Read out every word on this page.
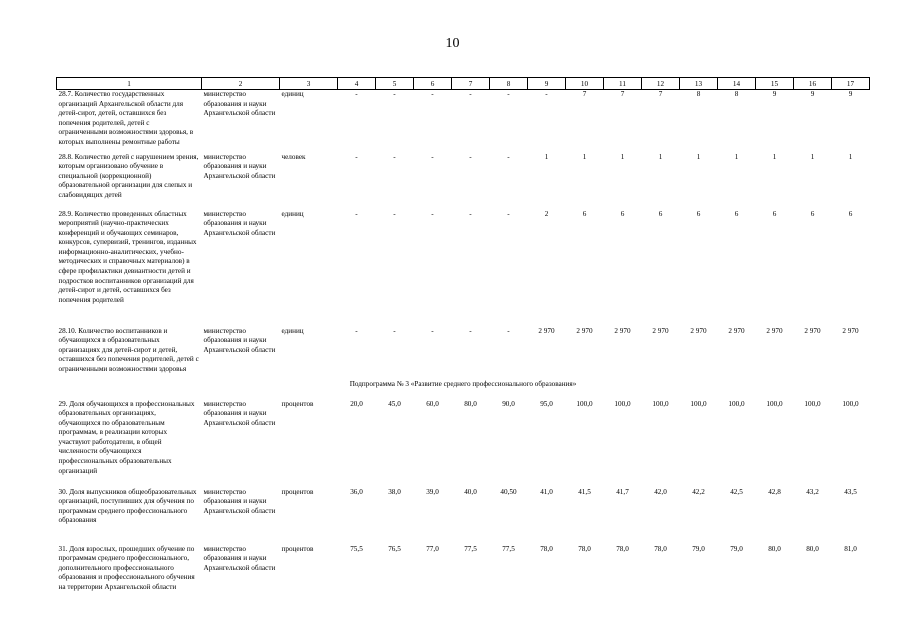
10
1	2	3	4	5	6	7	8	9	10	11	12	13	14	15	16	17
28.7. Количество государственных организаций Архангельской области для детей-сирот, детей, оставшихся без попечения родителей, детей с ограниченными возможностями здоровья, в которых выполнены ремонтные работы	министерство образования и науки Архангельской области	единиц	-	-	-	-	-	-	7	7	7	8	8	9	9	9
28.8. Количество детей с нарушением зрения, которым организовано обучение в специальной (коррекционной) образовательной организации для слепых и слабовидящих детей	министерство образования и науки Архангельской области	человек	-	-	-	-	-	1	1	1	1	1	1	1	1	1
28.9. Количество проведенных областных мероприятий (научно-практических конференций и обучающих семинаров, конкурсов, супервизий, тренингов, изданных информационно-аналитических, учебно-методических и справочных материалов) в сфере профилактики девиантности детей и подростков воспитанников организаций для детей-сирот и детей, оставшихся без попечения родителей	министерство образования и науки Архангельской области	единиц	-	-	-	-	-	2	6	6	6	6	6	6	6	6
28.10. Количество воспитанников и обучающихся в образовательных организациях для детей-сирот и детей, оставшихся без попечения родителей, детей с ограниченными возможностями здоровья	министерство образования и науки Архангельской области	единиц	-	-	-	-	-	2 970	2 970	2 970	2 970	2 970	2 970	2 970	2 970	2 970
Подпрограмма № 3 «Развитие среднего профессионального образования»																
29. Доля обучающихся в профессиональных образовательных организациях, обучающихся по образовательным программам, в реализации которых участвуют работодатели, в общей численности обучающихся профессиональных образовательных организаций	министерство образования и науки Архангельской области	процентов	20,0	45,0	60,0	80,0	90,0	95,0	100,0	100,0	100,0	100,0	100,0	100,0	100,0	100,0
30. Доля выпускников общеобразовательных организаций, поступивших для обучения по программам среднего профессионального образования	министерство образования и науки Архангельской области	процентов	36,0	38,0	39,0	40,0	40,50	41,0	41,5	41,7	42,0	42,2	42,5	42,8	43,2	43,5
31. Доля взрослых, прошедших обучение по программам среднего профессионального, дополнительного профессионального образования и профессионального обучения на территории Архангельской области	министерство образования и науки Архангельской области	процентов	75,5	76,5	77,0	77,5	77,5	78,0	78,0	78,0	78,0	79,0	79,0	80,0	80,0	81,0
